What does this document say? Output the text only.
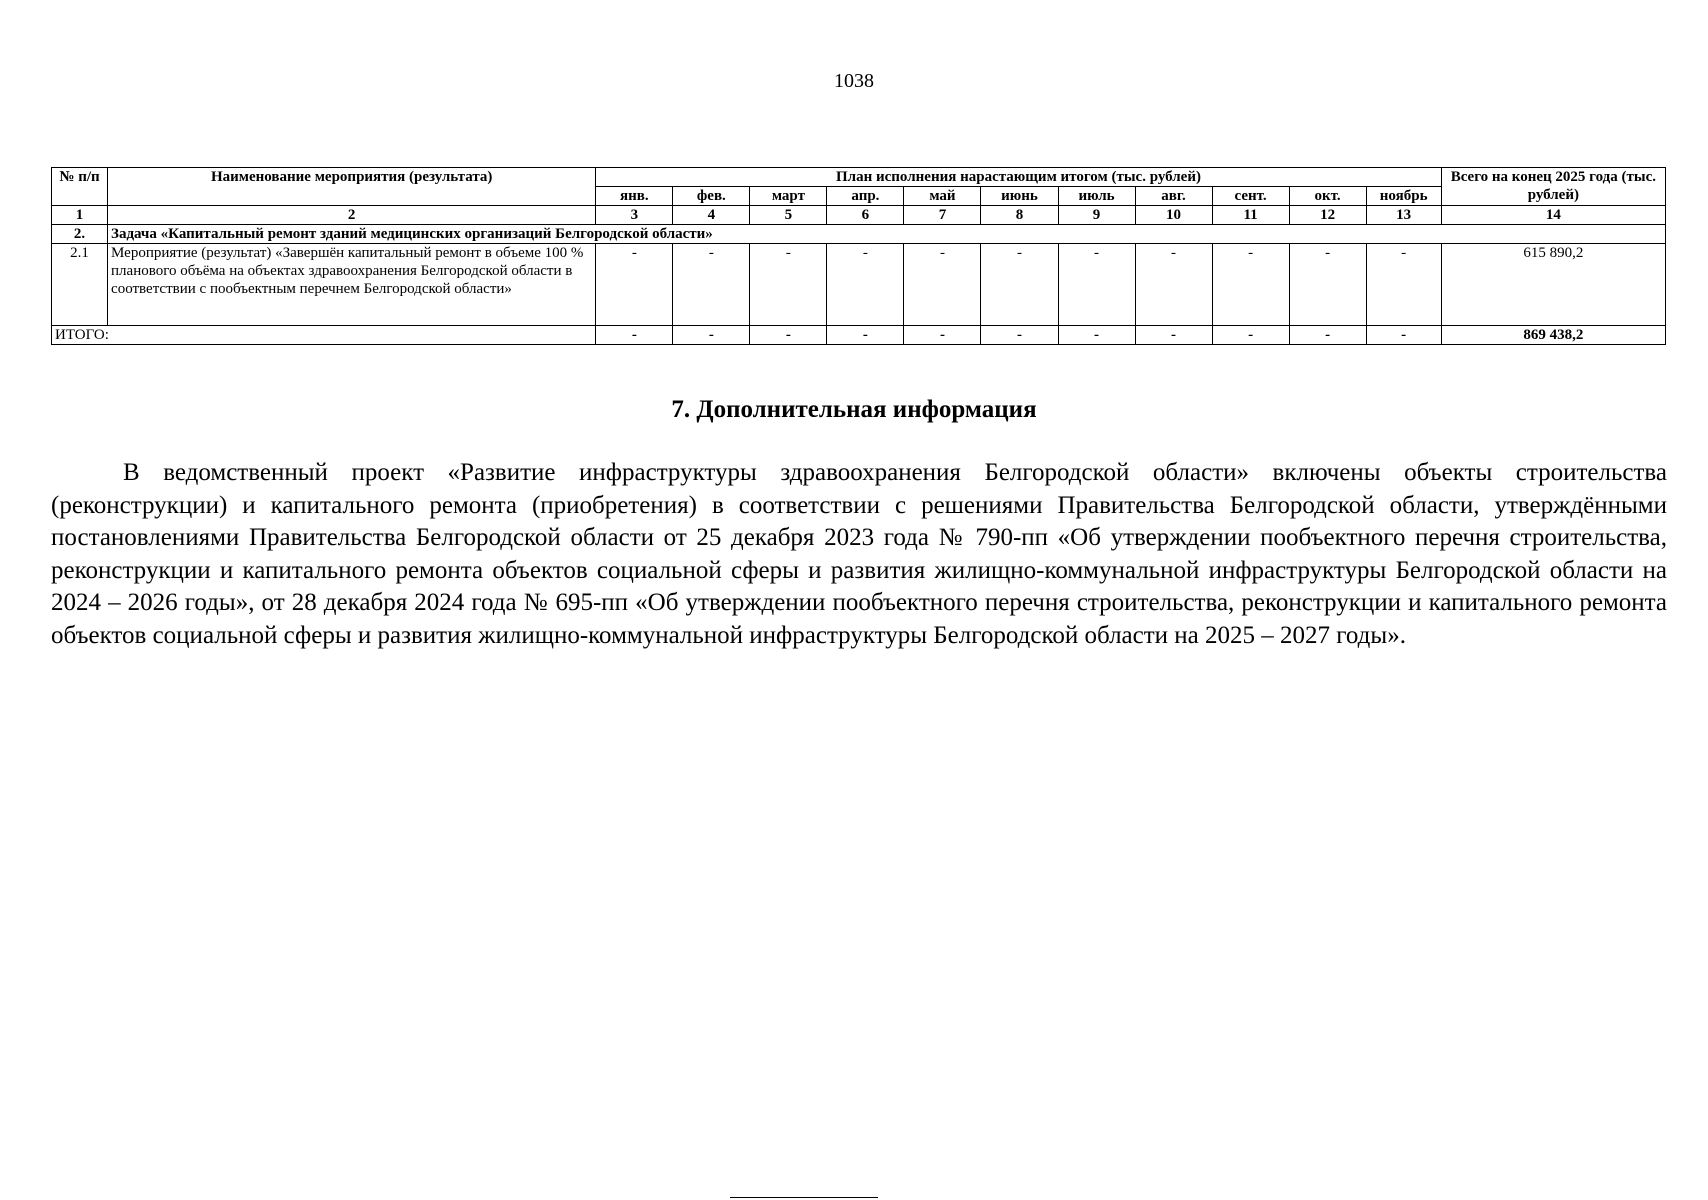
1038
№ п/п	Наименование мероприятия (результата)	План исполнения нарастающим итогом (тыс. рублей)											Всего на конец 2025 года (тыс. рублей)
		янв.	фев.	март	апр.	май	июнь	июль	авг.	сент.	окт.	ноябрь	
1	2	3	4	5	6	7	8	9	10	11	12	13	14
2.	Задача «Капитальный ремонт зданий медицинских организаций Белгородской области»												
2.1	Мероприятие (результат) «Завершён капитальный ремонт в объеме 100 % планового объёма на объектах здравоохранения Белгородской области в соответствии с пообъектным перечнем Белгородской области»	-	-	-	-	-	-	-	-	-	-	-	615 890,2
ИТОГО:		-	-	-	-	-	-	-	-	-	-	-	869 438,2
7. Дополнительная информация

В ведомственный проект «Развитие инфраструктуры здравоохранения Белгородской области» включены объекты строительства (реконструкции) и капитального ремонта (приобретения) в соответствии с решениями Правительства Белгородской области, утверждёнными постановлениями Правительства Белгородской области от 25 декабря 2023 года № 790-пп «Об утверждении пообъектного перечня строительства, реконструкции и капитального ремонта объектов социальной сферы и развития жилищно-коммунальной инфраструктуры Белгородской области на 2024 – 2026 годы», от 28 декабря 2024 года № 695-пп «Об утверждении пообъектного перечня строительства, реконструкции и капитального ремонта объектов социальной сферы и развития жилищно-коммунальной инфраструктуры Белгородской области на 2025 – 2027 годы».
